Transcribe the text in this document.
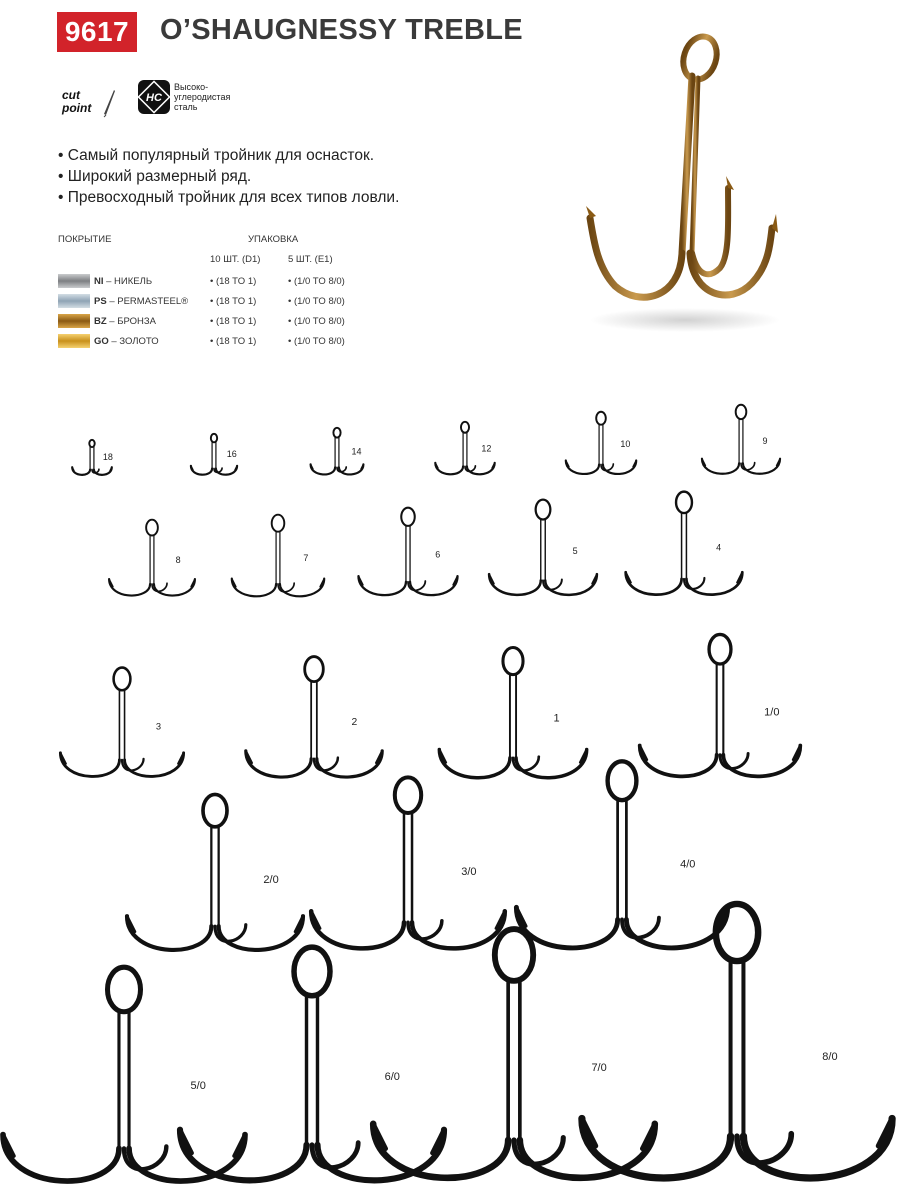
9617 O’SHAUGNESSY TREBLE
cut
point
HC
Высоко-
углеродистая
сталь
• Самый популярный тройник для оснасток.
• Широкий размерный ряд.
• Превосходный тройник для всех типов ловли.
ПОКРЫТИЕ	УПАКОВКА
10 ШТ. (D1)	5 ШТ. (E1)
NI – НИКЕЛЬ	• (18 TO 1)	• (1/0 TO 8/0)
PS – PERMASTEEL® • (18 TO 1)	• (1/0 TO 8/0)
BZ – БРОНЗА	• (18 TO 1)	• (1/0 TO 8/0)
GO – ЗОЛОТО	• (18 TO 1)	• (1/0 TO 8/0)
18	16	14	12	10	9
8	7	6	5	4
3	2	1
1/0
2/0
3/0
4/0
5/0
6/0
7/0
8/0
